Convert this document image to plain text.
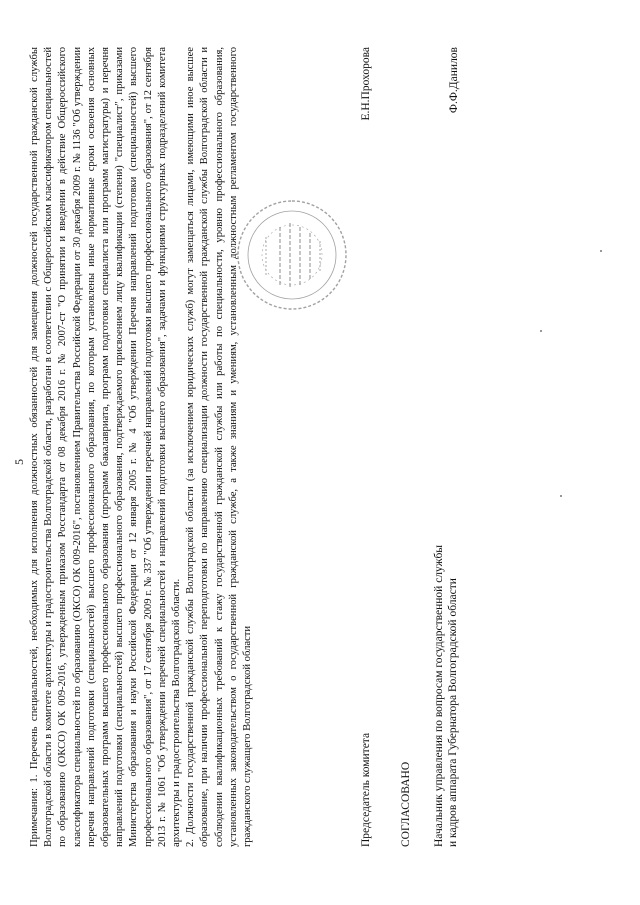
5 Примечания: 1. Перечень специальностей, необходимых для исполнения должностных обязанностей для замещения должностей государственной гражданской службы Волгоградской области в комитете архитектуры и градостроительства Волгоградской области, разработан в соответствии с Общероссийским классификатором специальностей по образованию (ОКСО) ОК 009-2016, утвержденным приказом Росстандарта от 08 декабря 2016 г. № 2007-ст "О принятии и введении в действие Общероссийского классификатора специальностей по образованию (ОКСО) ОК 009-2016", постановлением Правительства Российской Федерации от 30 декабря 2009 г. № 1136 "Об утверждении перечня направлений подготовки (специальностей) высшего профессионального образования, по которым установлены иные нормативные сроки освоения основных образовательных программ высшего профессионального образования (программ бакалавриата, программ подготовки специалиста или программ магистратуры) и перечня направлений подготовки (специальностей) высшего профессионального образования, подтверждаемого присвоением лицу квалификации (степени) "специалист", приказами Министерства образования и науки Российской Федерации от 12 января 2005 г. № 4 "Об утверждении Перечня направлений подготовки (специальностей) высшего профессионального образования", от 17 сентября 2009 г. № 337 "Об утверждении перечней направлений подготовки высшего профессионального образования", от 12 сентября 2013 г. № 1061 "Об утверждении перечней специальностей и направлений подготовки высшего образования", задачами и функциями структурных подразделений комитета архитектуры и градостроительства Волгоградской области. 2. Должности государственной гражданской службы Волгоградской области (за исключением юридических служб) могут замещаться лицами, имеющими иное высшее образование, при наличии профессиональной переподготовки по направлению специализации должности государственной гражданской службы Волгоградской области и соблюдении квалификационных требований к стажу государственной гражданской службы или работы по специальности, уровню профессионального образования, установленных законодательством о государственной гражданской службе, а также знаниям и умениям, установленным должностным регламентом государственного гражданского служащего Волгоградской области	Председатель комитета
Е.Н.Прохорова
СОГЛАСОВАНО Начальник управления по вопросам государственной службы и кадров аппарата Губернатора Волгоградской области
Ф.Ф.Данилов
